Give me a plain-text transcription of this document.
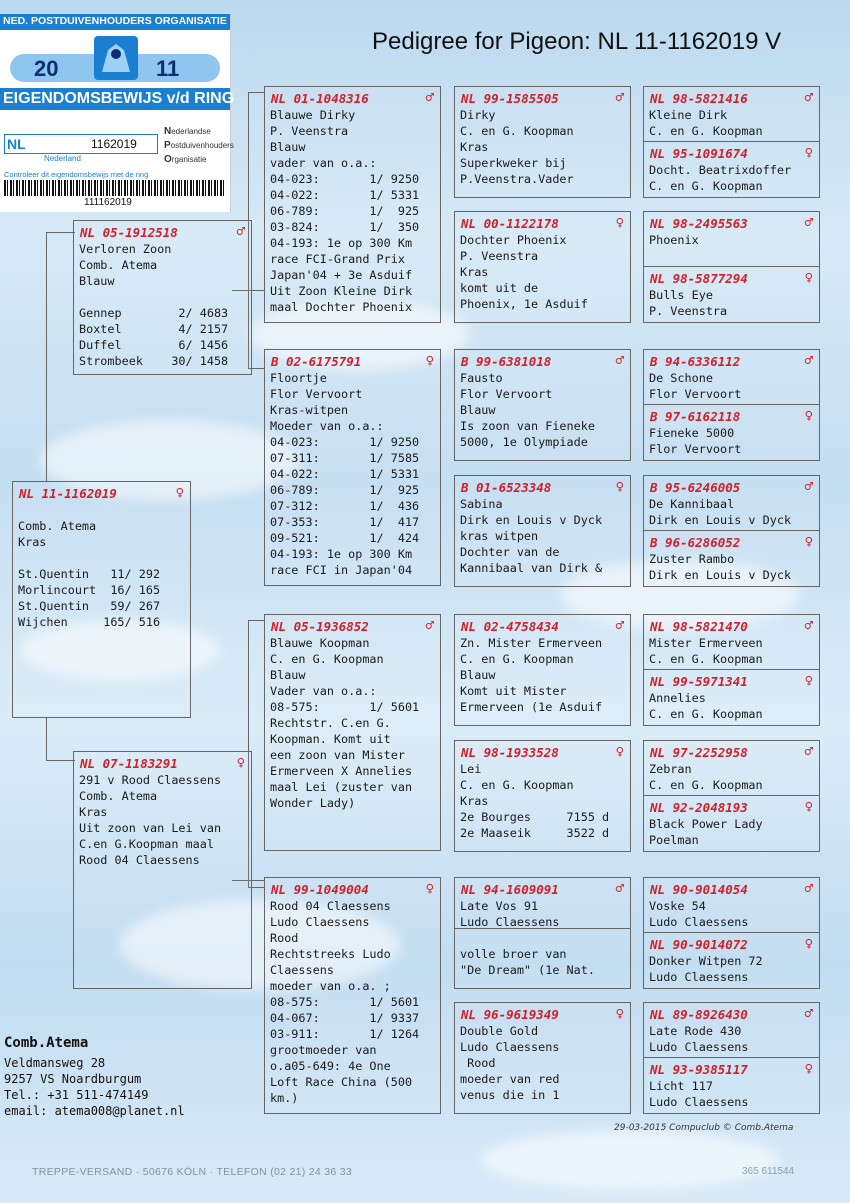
NED. POSTDUIVENHOUDERS ORGANISATIE
20	11
EIGENDOMSBEWIJS v/d RING
NL	1162019
Nederland
Nederlandse
Postduivenhouders
Organisatie
Controleer dit eigendomsbewijs met de ring
111162019
Pedigree for Pigeon: NL 11-1162019 V
NL 11-1162019	♀

Comb. Atema
Kras

St.Quentin   11/ 292
Morlincourt  16/ 165
St.Quentin   59/ 267
Wijchen     165/ 516
NL 05-1912518	♂
Verloren Zoon
Comb. Atema
Blauw

Gennep        2/ 4683
Boxtel        4/ 2157
Duffel        6/ 1456
Strombeek    30/ 1458
NL 07-1183291	♀
291 v Rood Claessens
Comb. Atema
Kras
Uit zoon van Lei van
C.en G.Koopman maal
Rood 04 Claessens
NL 01-1048316	♂
Blauwe Dirky
P. Veenstra
Blauw
vader van o.a.:
04-023:       1/ 9250
04-022:       1/ 5331
06-789:       1/  925
03-824:       1/  350
04-193: 1e op 300 Km
race FCI-Grand Prix
Japan'04 + 3e Asduif
Uit Zoon Kleine Dirk
maal Dochter Phoenix
B 02-6175791	♀
Floortje
Flor Vervoort
Kras-witpen
Moeder van o.a.:
04-023:       1/ 9250
07-311:       1/ 7585
04-022:       1/ 5331
06-789:       1/  925
07-312:       1/  436
07-353:       1/  417
09-521:       1/  424
04-193: 1e op 300 Km
race FCI in Japan'04
NL 05-1936852	♂
Blauwe Koopman
C. en G. Koopman
Blauw
Vader van o.a.:
08-575:       1/ 5601
Rechtstr. C.en G.
Koopman. Komt uit
een zoon van Mister
Ermerveen X Annelies
maal Lei (zuster van
Wonder Lady)
NL 99-1049004	♀
Rood 04 Claessens
Ludo Claessens
Rood
Rechtstreeks Ludo
Claessens
moeder van o.a. ;
08-575:       1/ 5601
04-067:       1/ 9337
03-911:       1/ 1264
grootmoeder van
o.a05-649: 4e One
Loft Race China (500
km.)
NL 99-1585505	♂
Dirky
C. en G. Koopman
Kras
Superkweker bij
P.Veenstra.Vader
NL 00-1122178	♀
Dochter Phoenix
P. Veenstra
Kras
komt uit de
Phoenix, 1e Asduif
B 99-6381018	♂
Fausto
Flor Vervoort
Blauw
Is zoon van Fieneke
5000, 1e Olympiade
B 01-6523348	♀
Sabina
Dirk en Louis v Dyck
kras witpen
Dochter van de
Kannibaal van Dirk &
NL 02-4758434	♂
Zn. Mister Ermerveen
C. en G. Koopman
Blauw
Komt uit Mister
Ermerveen (1e Asduif
NL 98-1933528	♀
Lei
C. en G. Koopman
Kras
2e Bourges     7155 d
2e Maaseik     3522 d
NL 94-1609091	♂
Late Vos 91
Ludo Claessens

volle broer van
"De Dream" (1e Nat.
NL 96-9619349	♀
Double Gold
Ludo Claessens
Rood
moeder van red
venus die in 1
NL 98-5821416	♂
Kleine Dirk
C. en G. Koopman
NL 95-1091674	♀
Docht. Beatrixdoffer
C. en G. Koopman
NL 98-2495563	♂
Phoenix
NL 98-5877294	♀
Bulls Eye
P. Veenstra
B 94-6336112	♂
De Schone
Flor Vervoort
B 97-6162118	♀
Fieneke 5000
Flor Vervoort
B 95-6246005	♂
De Kannibaal
Dirk en Louis v Dyck
B 96-6286052	♀
Zuster Rambo
Dirk en Louis v Dyck
NL 98-5821470	♂
Mister Ermerveen
C. en G. Koopman
NL 99-5971341	♀
Annelies
C. en G. Koopman
NL 97-2252958	♂
Zebran
C. en G. Koopman
NL 92-2048193	♀
Black Power Lady
Poelman
NL 90-9014054	♂
Voske 54
Ludo Claessens
NL 90-9014072	♀
Donker Witpen 72
Ludo Claessens
NL 89-8926430	♂
Late Rode 430
Ludo Claessens
NL 93-9385117	♀
Licht 117
Ludo Claessens
Comb.Atema
Veldmansweg 28
9257 VS Noardburgum
Tel.: +31 511-474149
email: atema008@planet.nl
29-03-2015 Compuclub © Comb.Atema
TREPPE-VERSAND · 50676 KÖLN · TELEFON (02 21) 24 36 33	365 611544
